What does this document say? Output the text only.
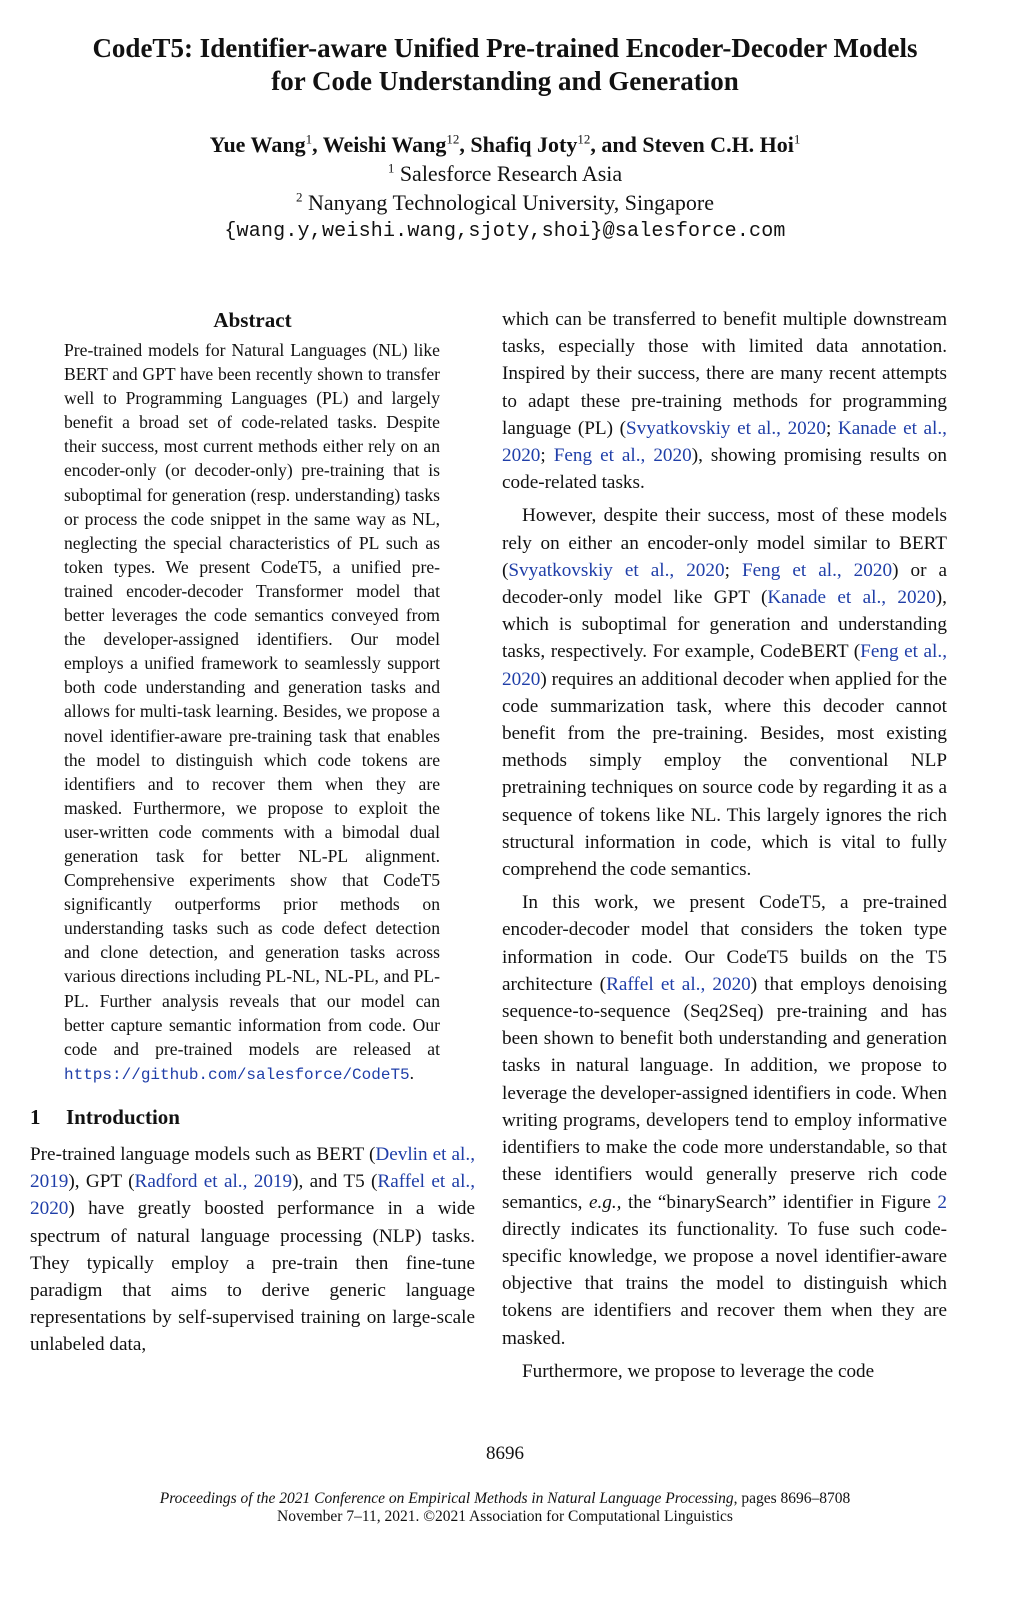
CodeT5: Identifier-aware Unified Pre-trained Encoder-Decoder Models
for Code Understanding and Generation
Yue Wang$^1$, Weishi Wang$^{12}$, Shafiq Joty$^{12}$, and Steven C.H. Hoi$^1$
$^1$ Salesforce Research Asia
$^2$ Nanyang Technological University, Singapore
{wang.y,weishi.wang,sjoty,shoi}@salesforce.com
Abstract
Pre-trained models for Natural Languages (NL) like BERT and GPT have been recently shown to transfer well to Programming Languages (PL) and largely benefit a broad set of code-related tasks. Despite their success, most current methods either rely on an encoder-only (or decoder-only) pre-training that is suboptimal for generation (resp. understanding) tasks or process the code snippet in the same way as NL, neglecting the special characteristics of PL such as token types. We present CodeT5, a unified pre-trained encoder-decoder Transformer model that better leverages the code semantics conveyed from the developer-assigned identifiers. Our model employs a unified framework to seamlessly support both code understanding and generation tasks and allows for multi-task learning. Besides, we propose a novel identifier-aware pre-training task that enables the model to distinguish which code tokens are identifiers and to recover them when they are masked. Furthermore, we propose to exploit the user-written code comments with a bimodal dual generation task for better NL-PL alignment. Comprehensive experiments show that CodeT5 significantly outperforms prior methods on understanding tasks such as code defect detection and clone detection, and generation tasks across various directions including PL-NL, NL-PL, and PL-PL. Further analysis reveals that our model can better capture semantic information from code. Our code and pre-trained models are released at https://github.com/salesforce/CodeT5.
1 Introduction

Pre-trained language models such as BERT (Devlin et al., 2019), GPT (Radford et al., 2019), and T5 (Raffel et al., 2020) have greatly boosted performance in a wide spectrum of natural language processing (NLP) tasks. They typically employ a pre-train then fine-tune paradigm that aims to derive generic language representations by self-supervised training on large-scale unlabeled data,

which can be transferred to benefit multiple downstream tasks, especially those with limited data annotation. Inspired by their success, there are many recent attempts to adapt these pre-training methods for programming language (PL) (Svyatkovskiy et al., 2020; Kanade et al., 2020; Feng et al., 2020), showing promising results on code-related tasks.

However, despite their success, most of these models rely on either an encoder-only model similar to BERT (Svyatkovskiy et al., 2020; Feng et al., 2020) or a decoder-only model like GPT (Kanade et al., 2020), which is suboptimal for generation and understanding tasks, respectively. For example, CodeBERT (Feng et al., 2020) requires an additional decoder when applied for the code summarization task, where this decoder cannot benefit from the pre-training. Besides, most existing methods simply employ the conventional NLP pretraining techniques on source code by regarding it as a sequence of tokens like NL. This largely ignores the rich structural information in code, which is vital to fully comprehend the code semantics.

In this work, we present CodeT5, a pre-trained encoder-decoder model that considers the token type information in code. Our CodeT5 builds on the T5 architecture (Raffel et al., 2020) that employs denoising sequence-to-sequence (Seq2Seq) pre-training and has been shown to benefit both understanding and generation tasks in natural language. In addition, we propose to leverage the developer-assigned identifiers in code. When writing programs, developers tend to employ informative identifiers to make the code more understandable, so that these identifiers would generally preserve rich code semantics, e.g., the “binarySearch” identifier in Figure 2 directly indicates its functionality. To fuse such code-specific knowledge, we propose a novel identifier-aware objective that trains the model to distinguish which tokens are identifiers and recover them when they are masked.

Furthermore, we propose to leverage the code

8696
Proceedings of the 2021 Conference on Empirical Methods in Natural Language Processing, pages 8696–8708
November 7–11, 2021. ©2021 Association for Computational Linguistics
